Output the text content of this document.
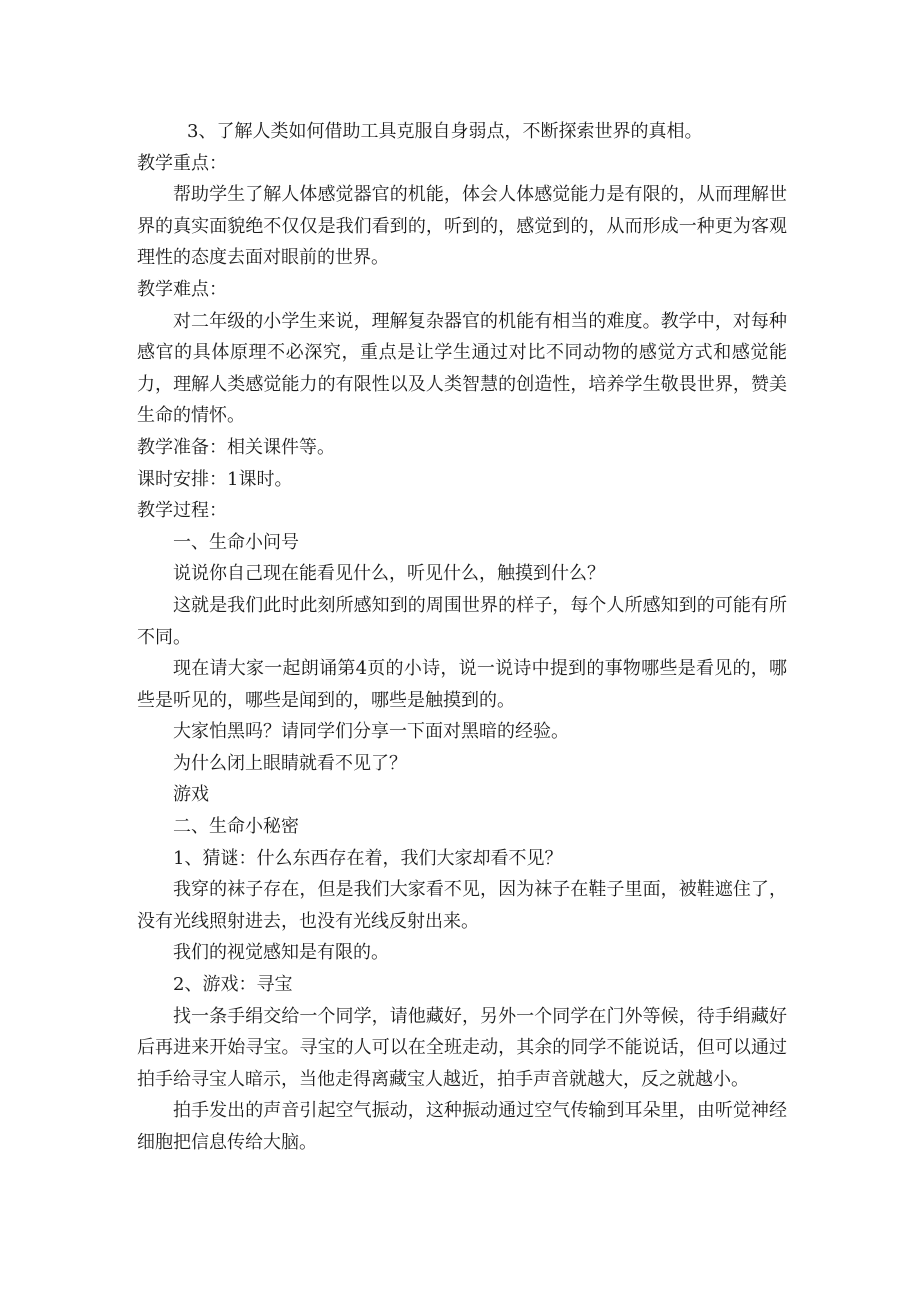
3、了解人类如何借助工具克服自身弱点，不断探索世界的真相。

教学重点：

帮助学生了解人体感觉器官的机能，体会人体感觉能力是有限的，从而理解世界的真实面貌绝不仅仅是我们看到的，听到的，感觉到的，从而形成一种更为客观理性的态度去面对眼前的世界。

教学难点：

对二年级的小学生来说，理解复杂器官的机能有相当的难度。教学中，对每种感官的具体原理不必深究，重点是让学生通过对比不同动物的感觉方式和感觉能力，理解人类感觉能力的有限性以及人类智慧的创造性，培养学生敬畏世界，赞美生命的情怀。

教学准备：相关课件等。

课时安排：1课时。

教学过程：

一、生命小问号

说说你自己现在能看见什么，听见什么，触摸到什么？

这就是我们此时此刻所感知到的周围世界的样子，每个人所感知到的可能有所不同。

现在请大家一起朗诵第4页的小诗，说一说诗中提到的事物哪些是看见的，哪些是听见的，哪些是闻到的，哪些是触摸到的。

大家怕黑吗？请同学们分享一下面对黑暗的经验。

为什么闭上眼睛就看不见了？

游戏

二、生命小秘密

1、猜谜：什么东西存在着，我们大家却看不见？

我穿的袜子存在，但是我们大家看不见，因为袜子在鞋子里面，被鞋遮住了，没有光线照射进去，也没有光线反射出来。

我们的视觉感知是有限的。

2、游戏：寻宝

找一条手绢交给一个同学，请他藏好，另外一个同学在门外等候，待手绢藏好后再进来开始寻宝。寻宝的人可以在全班走动，其余的同学不能说话，但可以通过拍手给寻宝人暗示，当他走得离藏宝人越近，拍手声音就越大，反之就越小。

拍手发出的声音引起空气振动，这种振动通过空气传输到耳朵里，由听觉神经细胞把信息传给大脑。
